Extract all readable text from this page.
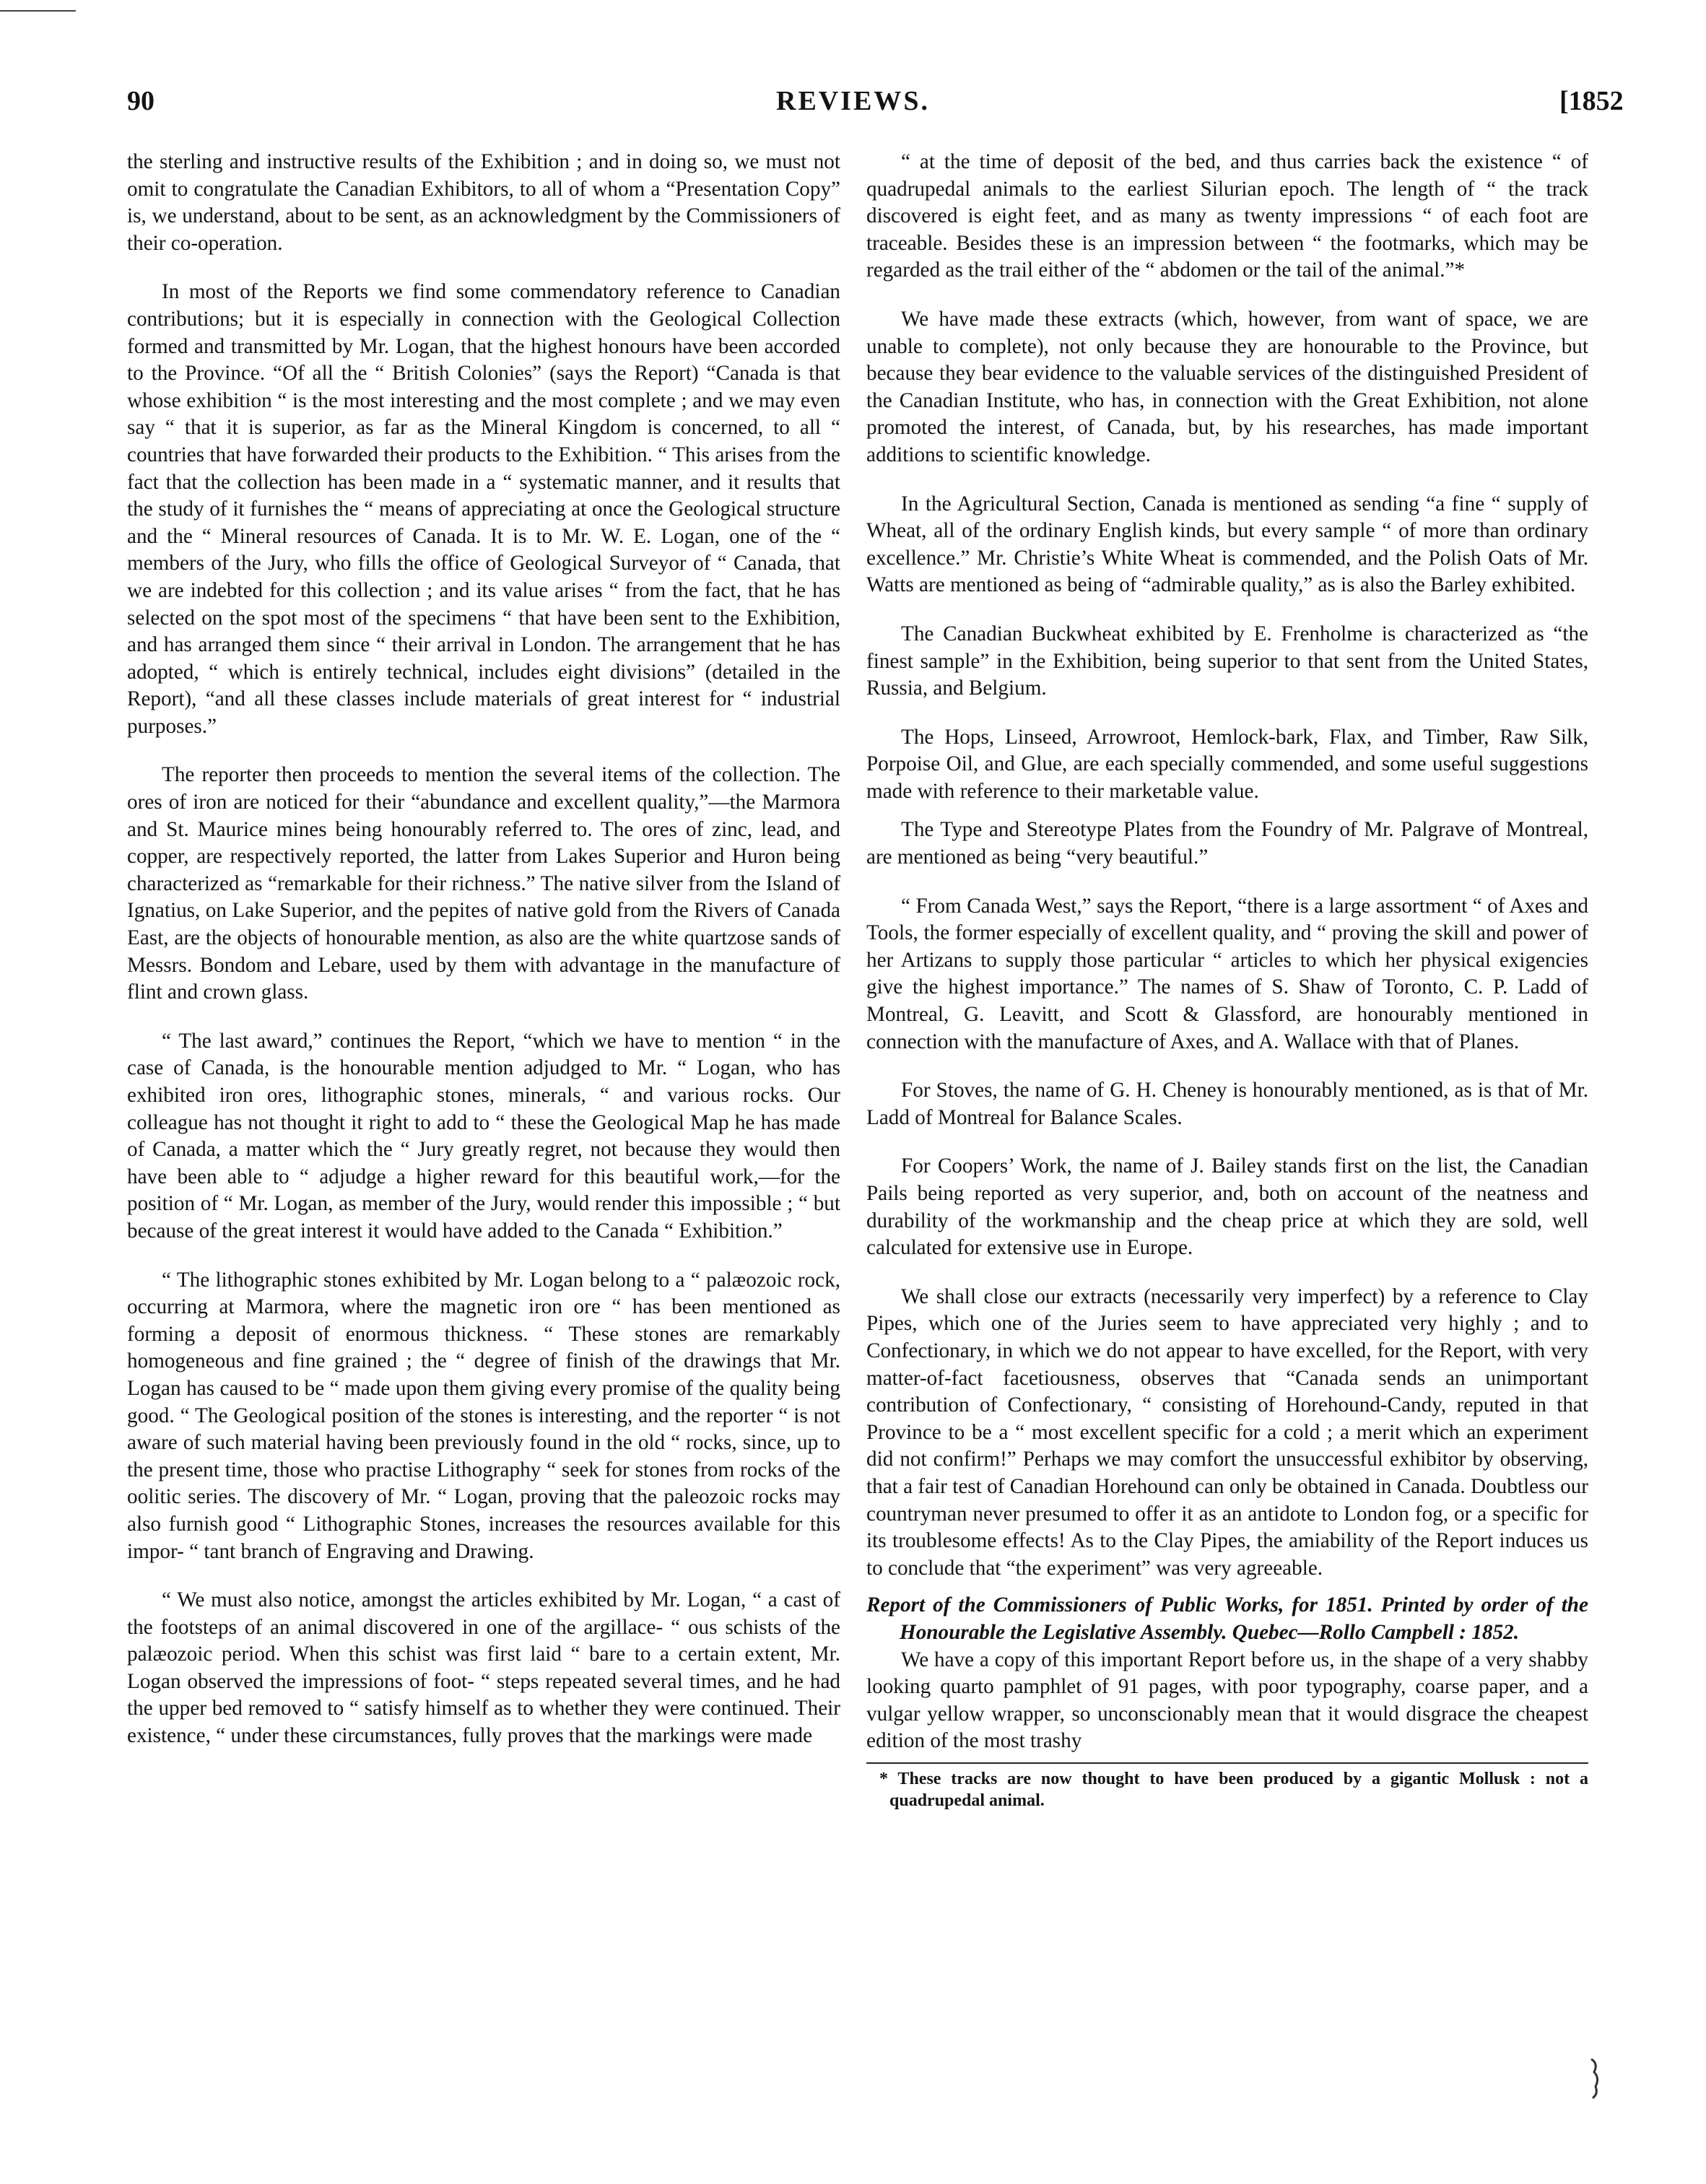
90	REVIEWS.	[1852

the sterling and instructive results of the Exhibition ; and in doing so, we must not omit to congratulate the Canadian Exhibitors, to all of whom a “Presentation Copy” is, we understand, about to be sent, as an acknowledgment by the Commissioners of their co-operation.

In most of the Reports we find some commendatory reference to Canadian contributions; but it is especially in connection with the Geological Collection formed and transmitted by Mr. Logan, that the highest honours have been accorded to the Province. “Of all the “ British Colonies” (says the Report) “Canada is that whose exhibition “ is the most interesting and the most complete ; and we may even say “ that it is superior, as far as the Mineral Kingdom is concerned, to all “ countries that have forwarded their products to the Exhibition. “ This arises from the fact that the collection has been made in a “ systematic manner, and it results that the study of it furnishes the “ means of appreciating at once the Geological structure and the “ Mineral resources of Canada. It is to Mr. W. E. Logan, one of the “ members of the Jury, who fills the office of Geological Surveyor of “ Canada, that we are indebted for this collection ; and its value arises “ from the fact, that he has selected on the spot most of the specimens “ that have been sent to the Exhibition, and has arranged them since “ their arrival in London. The arrangement that he has adopted, “ which is entirely technical, includes eight divisions” (detailed in the Report), “and all these classes include materials of great interest for “ industrial purposes.”

The reporter then proceeds to mention the several items of the collection. The ores of iron are noticed for their “abundance and excellent quality,”—the Marmora and St. Maurice mines being honourably referred to. The ores of zinc, lead, and copper, are respectively reported, the latter from Lakes Superior and Huron being characterized as “remarkable for their richness.” The native silver from the Island of Ignatius, on Lake Superior, and the pepites of native gold from the Rivers of Canada East, are the objects of honourable mention, as also are the white quartzose sands of Messrs. Bondom and Lebare, used by them with advantage in the manufacture of flint and crown glass.

“ The last award,” continues the Report, “which we have to mention “ in the case of Canada, is the honourable mention adjudged to Mr. “ Logan, who has exhibited iron ores, lithographic stones, minerals, “ and various rocks. Our colleague has not thought it right to add to “ these the Geological Map he has made of Canada, a matter which the “ Jury greatly regret, not because they would then have been able to “ adjudge a higher reward for this beautiful work,—for the position of “ Mr. Logan, as member of the Jury, would render this impossible ; “ but because of the great interest it would have added to the Canada “ Exhibition.”

“ The lithographic stones exhibited by Mr. Logan belong to a “ palæozoic rock, occurring at Marmora, where the magnetic iron ore “ has been mentioned as forming a deposit of enormous thickness. “ These stones are remarkably homogeneous and fine grained ; the “ degree of finish of the drawings that Mr. Logan has caused to be “ made upon them giving every promise of the quality being good. “ The Geological position of the stones is interesting, and the reporter “ is not aware of such material having been previously found in the old “ rocks, since, up to the present time, those who practise Lithography “ seek for stones from rocks of the oolitic series. The discovery of Mr. “ Logan, proving that the paleozoic rocks may also furnish good “ Lithographic Stones, increases the resources available for this impor- “ tant branch of Engraving and Drawing.

“ We must also notice, amongst the articles exhibited by Mr. Logan, “ a cast of the footsteps of an animal discovered in one of the argillace- “ ous schists of the palæozoic period. When this schist was first laid “ bare to a certain extent, Mr. Logan observed the impressions of foot- “ steps repeated several times, and he had the upper bed removed to “ satisfy himself as to whether they were continued. Their existence, “ under these circumstances, fully proves that the markings were made

“ at the time of deposit of the bed, and thus carries back the existence “ of quadrupedal animals to the earliest Silurian epoch. The length of “ the track discovered is eight feet, and as many as twenty impressions “ of each foot are traceable. Besides these is an impression between “ the footmarks, which may be regarded as the trail either of the “ abdomen or the tail of the animal.”*

We have made these extracts (which, however, from want of space, we are unable to complete), not only because they are honourable to the Province, but because they bear evidence to the valuable services of the distinguished President of the Canadian Institute, who has, in connection with the Great Exhibition, not alone promoted the interest, of Canada, but, by his researches, has made important additions to scientific knowledge.

In the Agricultural Section, Canada is mentioned as sending “a fine “ supply of Wheat, all of the ordinary English kinds, but every sample “ of more than ordinary excellence.” Mr. Christie’s White Wheat is commended, and the Polish Oats of Mr. Watts are mentioned as being of “admirable quality,” as is also the Barley exhibited.

The Canadian Buckwheat exhibited by E. Frenholme is characterized as “the finest sample” in the Exhibition, being superior to that sent from the United States, Russia, and Belgium.

The Hops, Linseed, Arrowroot, Hemlock-bark, Flax, and Timber, Raw Silk, Porpoise Oil, and Glue, are each specially commended, and some useful suggestions made with reference to their marketable value.

The Type and Stereotype Plates from the Foundry of Mr. Palgrave of Montreal, are mentioned as being “very beautiful.”

“ From Canada West,” says the Report, “there is a large assortment “ of Axes and Tools, the former especially of excellent quality, and “ proving the skill and power of her Artizans to supply those particular “ articles to which her physical exigencies give the highest importance.” The names of S. Shaw of Toronto, C. P. Ladd of Montreal, G. Leavitt, and Scott & Glassford, are honourably mentioned in connection with the manufacture of Axes, and A. Wallace with that of Planes.

For Stoves, the name of G. H. Cheney is honourably mentioned, as is that of Mr. Ladd of Montreal for Balance Scales.

For Coopers’ Work, the name of J. Bailey stands first on the list, the Canadian Pails being reported as very superior, and, both on account of the neatness and durability of the workmanship and the cheap price at which they are sold, well calculated for extensive use in Europe.

We shall close our extracts (necessarily very imperfect) by a reference to Clay Pipes, which one of the Juries seem to have appreciated very highly ; and to Confectionary, in which we do not appear to have excelled, for the Report, with very matter-of-fact facetiousness, observes that “Canada sends an unimportant contribution of Confectionary, “ consisting of Horehound-Candy, reputed in that Province to be a “ most excellent specific for a cold ; a merit which an experiment did not confirm!” Perhaps we may comfort the unsuccessful exhibitor by observing, that a fair test of Canadian Horehound can only be obtained in Canada. Doubtless our countryman never presumed to offer it as an antidote to London fog, or a specific for its troublesome effects! As to the Clay Pipes, the amiability of the Report induces us to conclude that “the experiment” was very agreeable.

Report of the Commissioners of Public Works, for 1851. Printed by order of the Honourable the Legislative Assembly. Quebec—Rollo Campbell : 1852.

We have a copy of this important Report before us, in the shape of a very shabby looking quarto pamphlet of 91 pages, with poor typography, coarse paper, and a vulgar yellow wrapper, so unconscionably mean that it would disgrace the cheapest edition of the most trashy

* These tracks are now thought to have been produced by a gigantic Mollusk : not a quadrupedal animal.
